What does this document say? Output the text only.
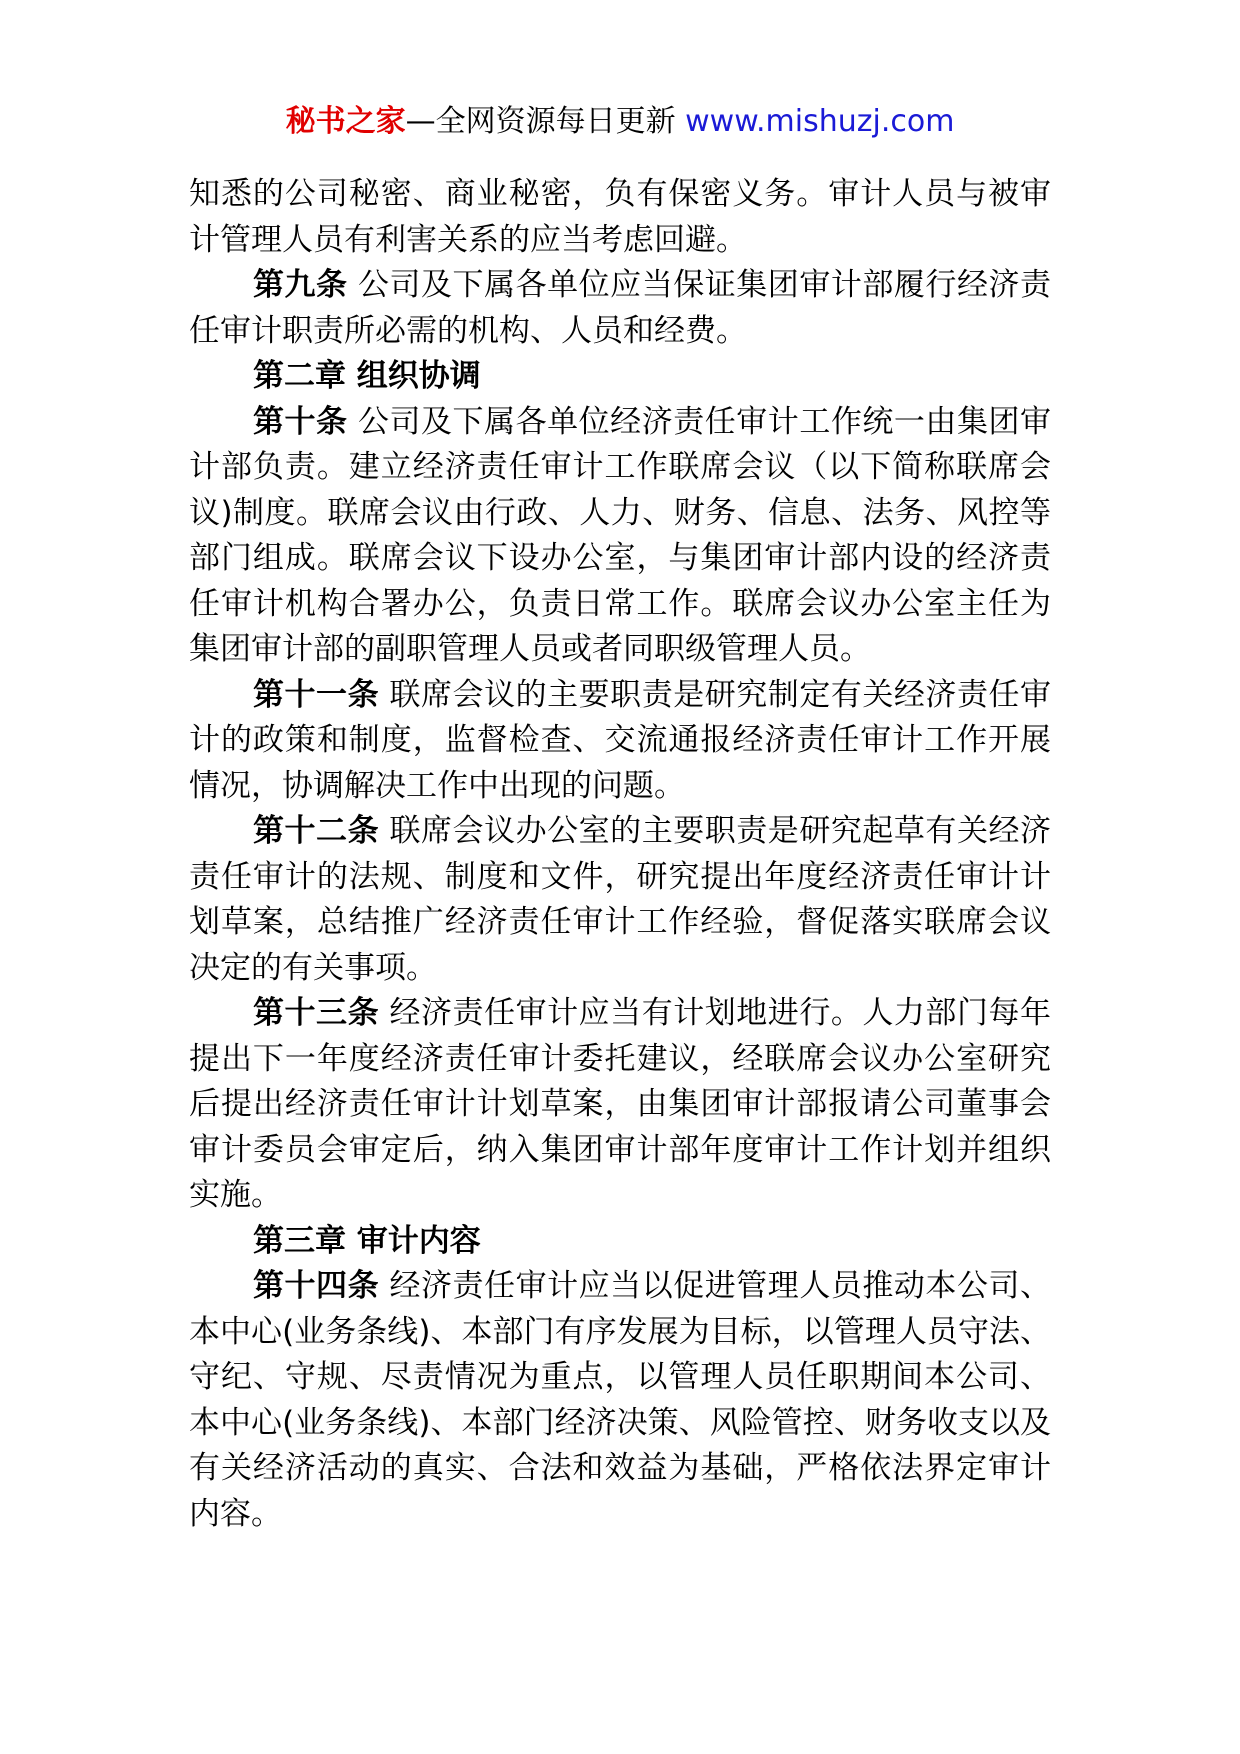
秘书之家—全网资源每日更新 www.mishuzj.com

知悉的公司秘密、商业秘密，负有保密义务。审计人员与被审计管理人员有利害关系的应当考虑回避。

第九条 公司及下属各单位应当保证集团审计部履行经济责任审计职责所必需的机构、人员和经费。

第二章 组织协调

第十条 公司及下属各单位经济责任审计工作统一由集团审计部负责。建立经济责任审计工作联席会议（以下简称联席会议)制度。联席会议由行政、人力、财务、信息、法务、风控等部门组成。联席会议下设办公室，与集团审计部内设的经济责任审计机构合署办公，负责日常工作。联席会议办公室主任为集团审计部的副职管理人员或者同职级管理人员。

第十一条 联席会议的主要职责是研究制定有关经济责任审计的政策和制度，监督检查、交流通报经济责任审计工作开展情况，协调解决工作中出现的问题。

第十二条 联席会议办公室的主要职责是研究起草有关经济责任审计的法规、制度和文件，研究提出年度经济责任审计计划草案，总结推广经济责任审计工作经验，督促落实联席会议决定的有关事项。

第十三条 经济责任审计应当有计划地进行。人力部门每年提出下一年度经济责任审计委托建议，经联席会议办公室研究后提出经济责任审计计划草案，由集团审计部报请公司董事会审计委员会审定后，纳入集团审计部年度审计工作计划并组织实施。

第三章 审计内容

第十四条 经济责任审计应当以促进管理人员推动本公司、本中心(业务条线)、本部门有序发展为目标，以管理人员守法、守纪、守规、尽责情况为重点，以管理人员任职期间本公司、本中心(业务条线)、本部门经济决策、风险管控、财务收支以及有关经济活动的真实、合法和效益为基础，严格依法界定审计内容。
